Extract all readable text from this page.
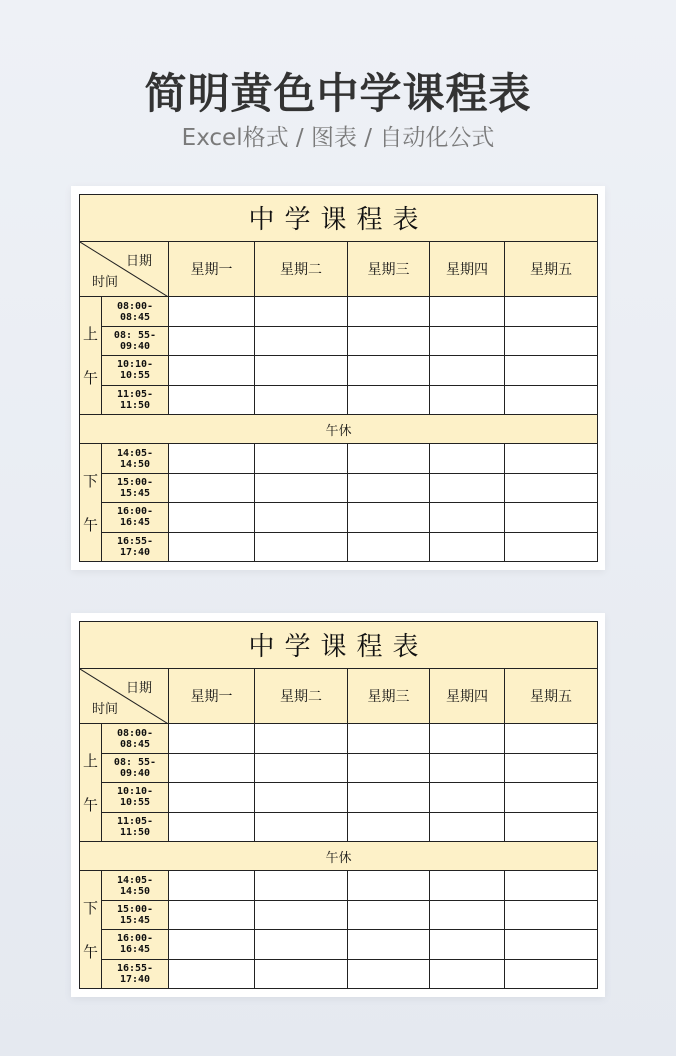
简明黄色中学课程表
Excel格式 / 图表 / 自动化公式
中学课程表						

日期
时间		星期一	星期二	星期三	星期四	星期五

上
午	08:00-08:45					
	08: 55-09:40					
	10:10-10:55					
	11:05-11:50					
午休						

下
午	14:05-14:50					
	15:00-15:45					
	16:00-16:45					
	16:55-17:40					
中学课程表						

日期
时间		星期一	星期二	星期三	星期四	星期五

上
午	08:00-08:45					
	08: 55-09:40					
	10:10-10:55					
	11:05-11:50					
午休						

下
午	14:05-14:50					
	15:00-15:45					
	16:00-16:45					
	16:55-17:40					
